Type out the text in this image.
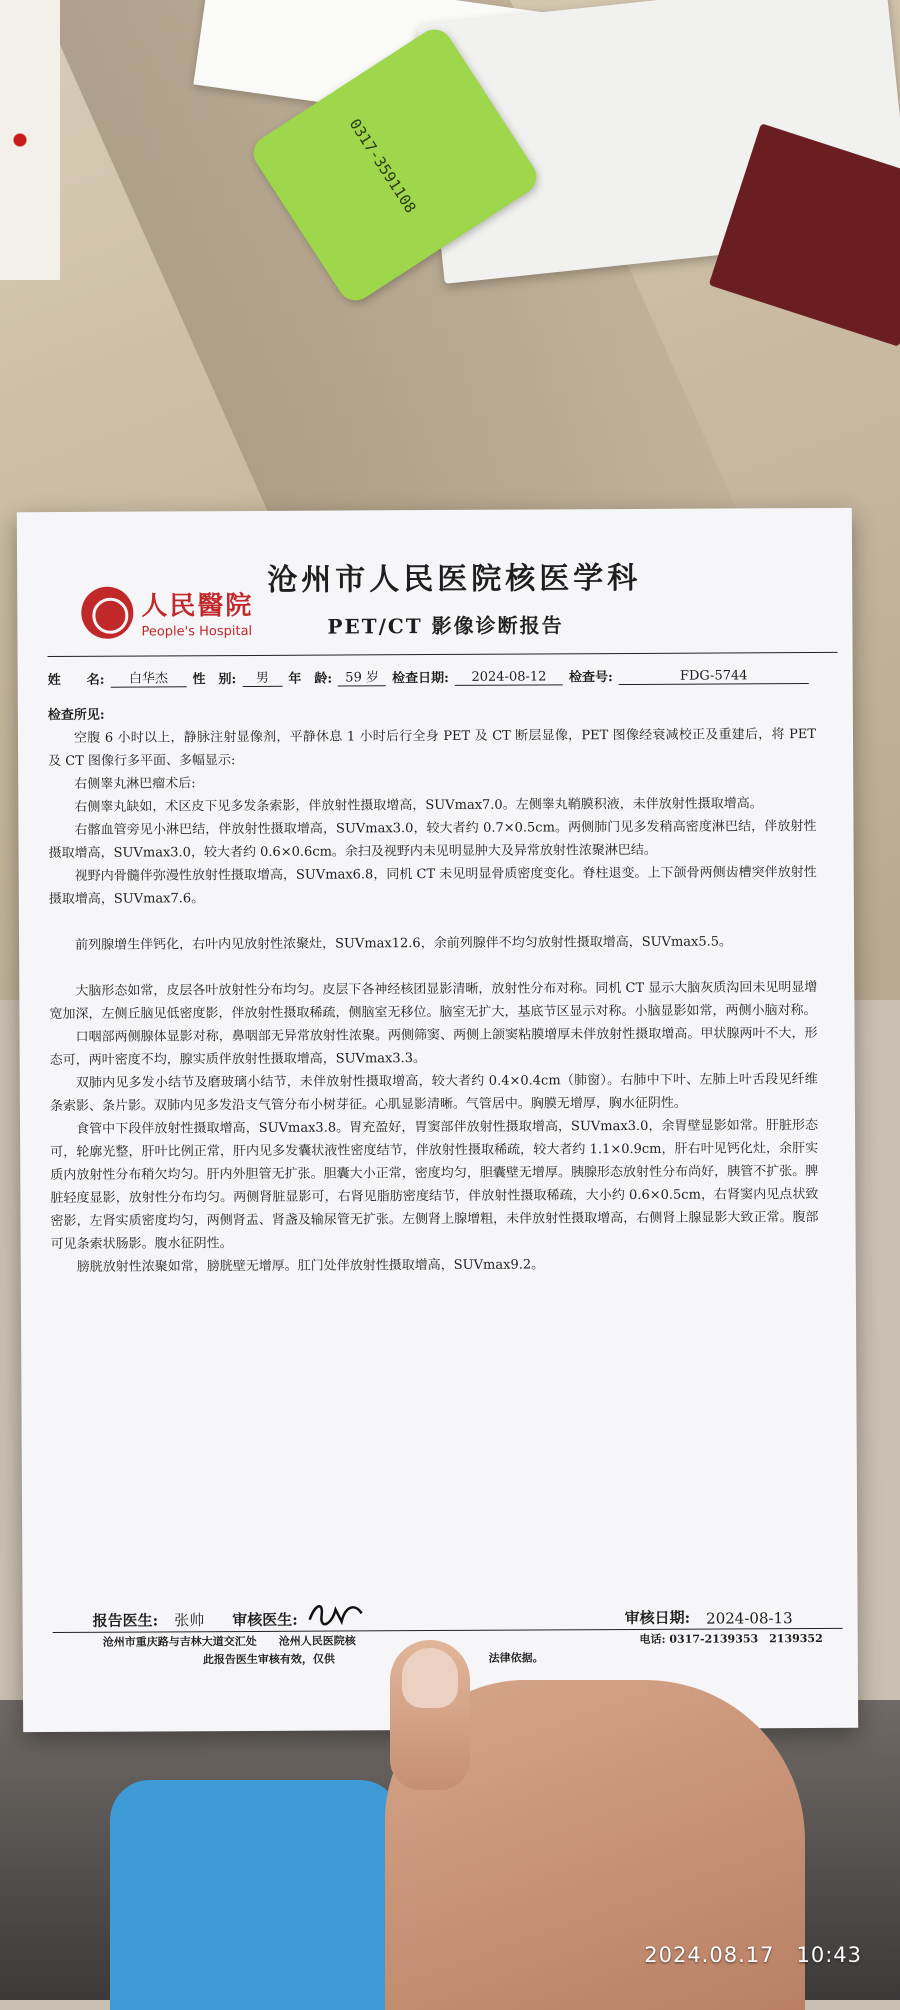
0317-3591108
人民醫院
People's Hospital
沧州市人民医院核医学科
PET/CT 影像诊断报告
姓　　名:	白华杰	性　别:	男	年　龄:	59 岁	检查日期:	2024-08-12	检查号:	FDG-5744

检查所见:

空腹 6 小时以上，静脉注射显像剂，平静休息 1 小时后行全身 PET 及 CT 断层显像，PET 图像经衰减校正及重建后，将 PET 及 CT 图像行多平面、多幅显示:

右侧睾丸淋巴瘤术后:

右侧睾丸缺如，术区皮下见多发条索影，伴放射性摄取增高，SUVmax7.0。左侧睾丸鞘膜积液，未伴放射性摄取增高。

右髂血管旁见小淋巴结，伴放射性摄取增高，SUVmax3.0，较大者约 0.7×0.5cm。两侧肺门见多发稍高密度淋巴结，伴放射性摄取增高，SUVmax3.0，较大者约 0.6×0.6cm。余扫及视野内未见明显肿大及异常放射性浓聚淋巴结。

视野内骨髓伴弥漫性放射性摄取增高，SUVmax6.8，同机 CT 未见明显骨质密度变化。脊柱退变。上下颌骨两侧齿槽突伴放射性摄取增高，SUVmax7.6。

前列腺增生伴钙化，右叶内见放射性浓聚灶，SUVmax12.6，余前列腺伴不均匀放射性摄取增高，SUVmax5.5。

大脑形态如常，皮层各叶放射性分布均匀。皮层下各神经核团显影清晰，放射性分布对称。同机 CT 显示大脑灰质沟回未见明显增宽加深，左侧丘脑见低密度影，伴放射性摄取稀疏，侧脑室无移位。脑室无扩大，基底节区显示对称。小脑显影如常，两侧小脑对称。

口咽部两侧腺体显影对称，鼻咽部无异常放射性浓聚。两侧筛窦、两侧上颌窦粘膜增厚未伴放射性摄取增高。甲状腺两叶不大，形态可，两叶密度不均，腺实质伴放射性摄取增高，SUVmax3.3。

双肺内见多发小结节及磨玻璃小结节，未伴放射性摄取增高，较大者约 0.4×0.4cm（肺窗）。右肺中下叶、左肺上叶舌段见纤维条索影、条片影。双肺内见多发沿支气管分布小树芽征。心肌显影清晰。气管居中。胸膜无增厚，胸水征阴性。

食管中下段伴放射性摄取增高，SUVmax3.8。胃充盈好，胃窦部伴放射性摄取增高，SUVmax3.0，余胃壁显影如常。肝脏形态可，轮廓光整，肝叶比例正常，肝内见多发囊状液性密度结节，伴放射性摄取稀疏，较大者约 1.1×0.9cm，肝右叶见钙化灶，余肝实质内放射性分布稍欠均匀。肝内外胆管无扩张。胆囊大小正常，密度均匀，胆囊壁无增厚。胰腺形态放射性分布尚好，胰管不扩张。脾脏轻度显影，放射性分布均匀。两侧肾脏显影可，右肾见脂肪密度结节，伴放射性摄取稀疏，大小约 0.6×0.5cm，右肾窦内见点状致密影，左肾实质密度均匀，两侧肾盂、肾盏及输尿管无扩张。左侧肾上腺增粗，未伴放射性摄取增高，右侧肾上腺显影大致正常。腹部可见条索状肠影。腹水征阴性。

膀胱放射性浓聚如常，膀胱壁无增厚。肛门处伴放射性摄取增高，SUVmax9.2。

报告医生: 张帅 审核医生:	审核日期: 2024-08-13
沧州市重庆路与吉林大道交汇处　　沧州人民医院核	电话: 0317-2139353　2139352
此报告医生审核有效，仅供	法律依据。
2024.08.17　10:43
